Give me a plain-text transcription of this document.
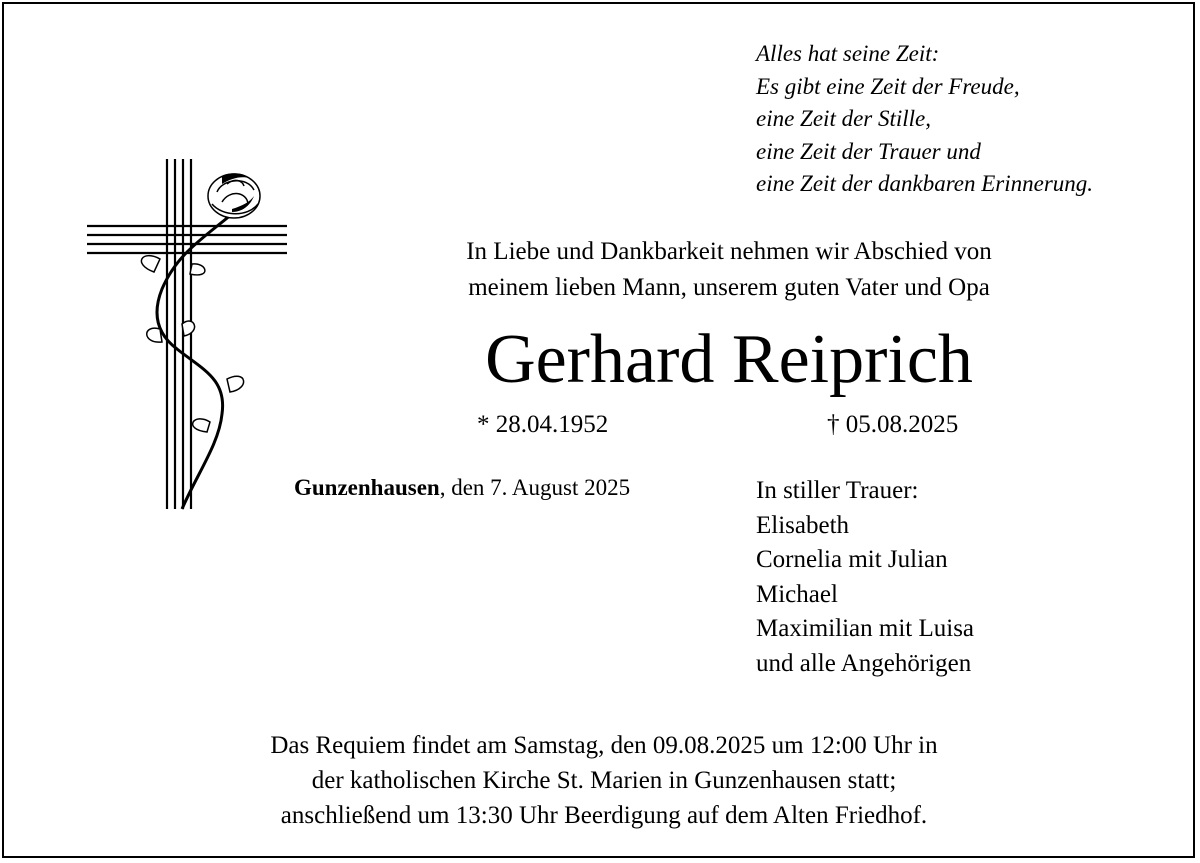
Alles hat seine Zeit:
Es gibt eine Zeit der Freude,
eine Zeit der Stille,
eine Zeit der Trauer und
eine Zeit der dankbaren Erinnerung.
In Liebe und Dankbarkeit nehmen wir Abschied von
meinem lieben Mann, unserem guten Vater und Opa
Gerhard Reiprich
* 28.04.1952	† 05.08.2025
Gunzenhausen, den 7. August 2025	In stiller Trauer:
Elisabeth
Cornelia mit Julian
Michael
Maximilian mit Luisa
und alle Angehörigen
Das Requiem findet am Samstag, den 09.08.2025 um 12:00 Uhr in
der katholischen Kirche St. Marien in Gunzenhausen statt;
anschließend um 13:30 Uhr Beerdigung auf dem Alten Friedhof.
